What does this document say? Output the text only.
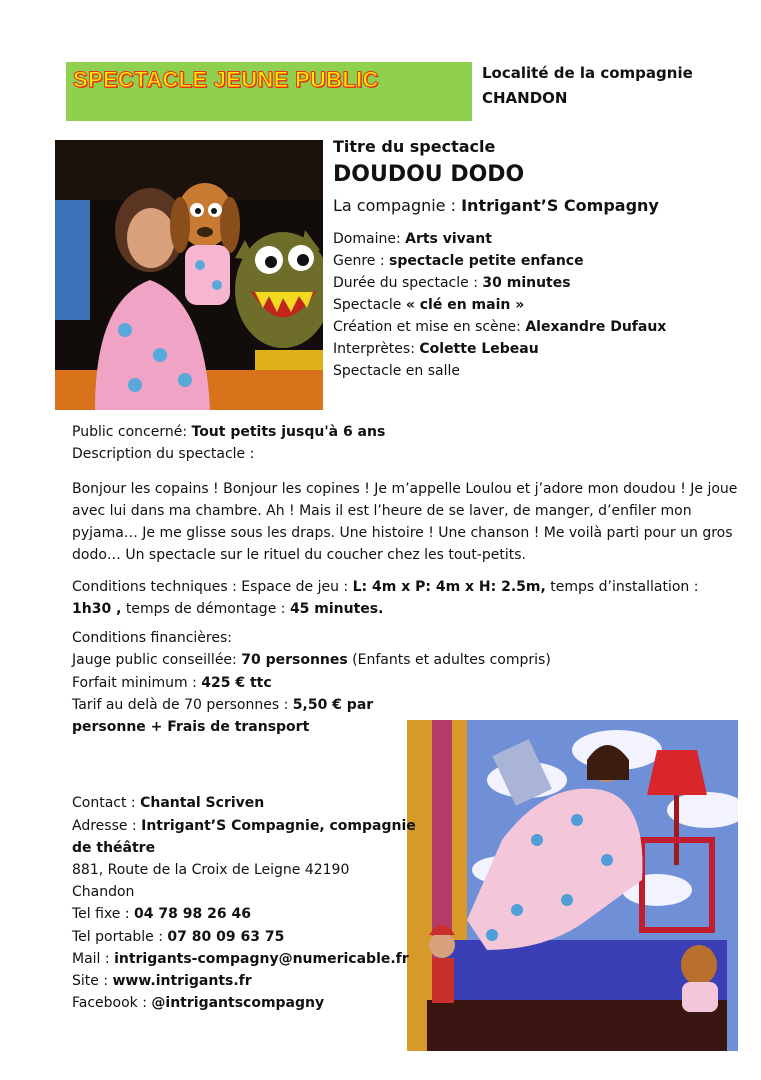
SPECTACLE JEUNE PUBLIC	Localité de la compagnie
CHANDON
Titre du spectacle
DOUDOU DODO
La compagnie : Intrigant’S Compagny
Domaine: Arts vivant
Genre : spectacle petite enfance
Durée du spectacle : 30 minutes
Spectacle « clé en main »
Création et mise en scène: Alexandre Dufaux
Interprètes: Colette Lebeau
Spectacle en salle
Public concerné: Tout petits jusqu'à 6 ans
Description du spectacle :
Bonjour les copains ! Bonjour les copines ! Je m’appelle Loulou et j’adore mon doudou ! Je joue avec lui dans ma chambre. Ah ! Mais il est l’heure de se laver, de manger, d’enfiler mon pyjama… Je me glisse sous les draps. Une histoire ! Une chanson ! Me voilà parti pour un gros dodo… Un spectacle sur le rituel du coucher chez les tout-petits.
Conditions techniques : Espace de jeu : L: 4m x P: 4m x H: 2.5m, temps d’installation : 1h30 , temps de démontage : 45 minutes.
Conditions financières:
Jauge public conseillée: 70 personnes (Enfants et adultes compris)
Forfait minimum : 425 € ttc
Tarif au delà de 70 personnes : 5,50 € par
personne + Frais de transport
Contact : Chantal Scriven
Adresse : Intrigant’S Compagnie, compagnie
de théâtre
881, Route de la Croix de Leigne 42190
Chandon
Tel fixe : 04 78 98 26 46
Tel portable : 07 80 09 63 75
Mail : intrigants-compagny@numericable.fr
Site : www.intrigants.fr
Facebook : @intrigantscompagny
